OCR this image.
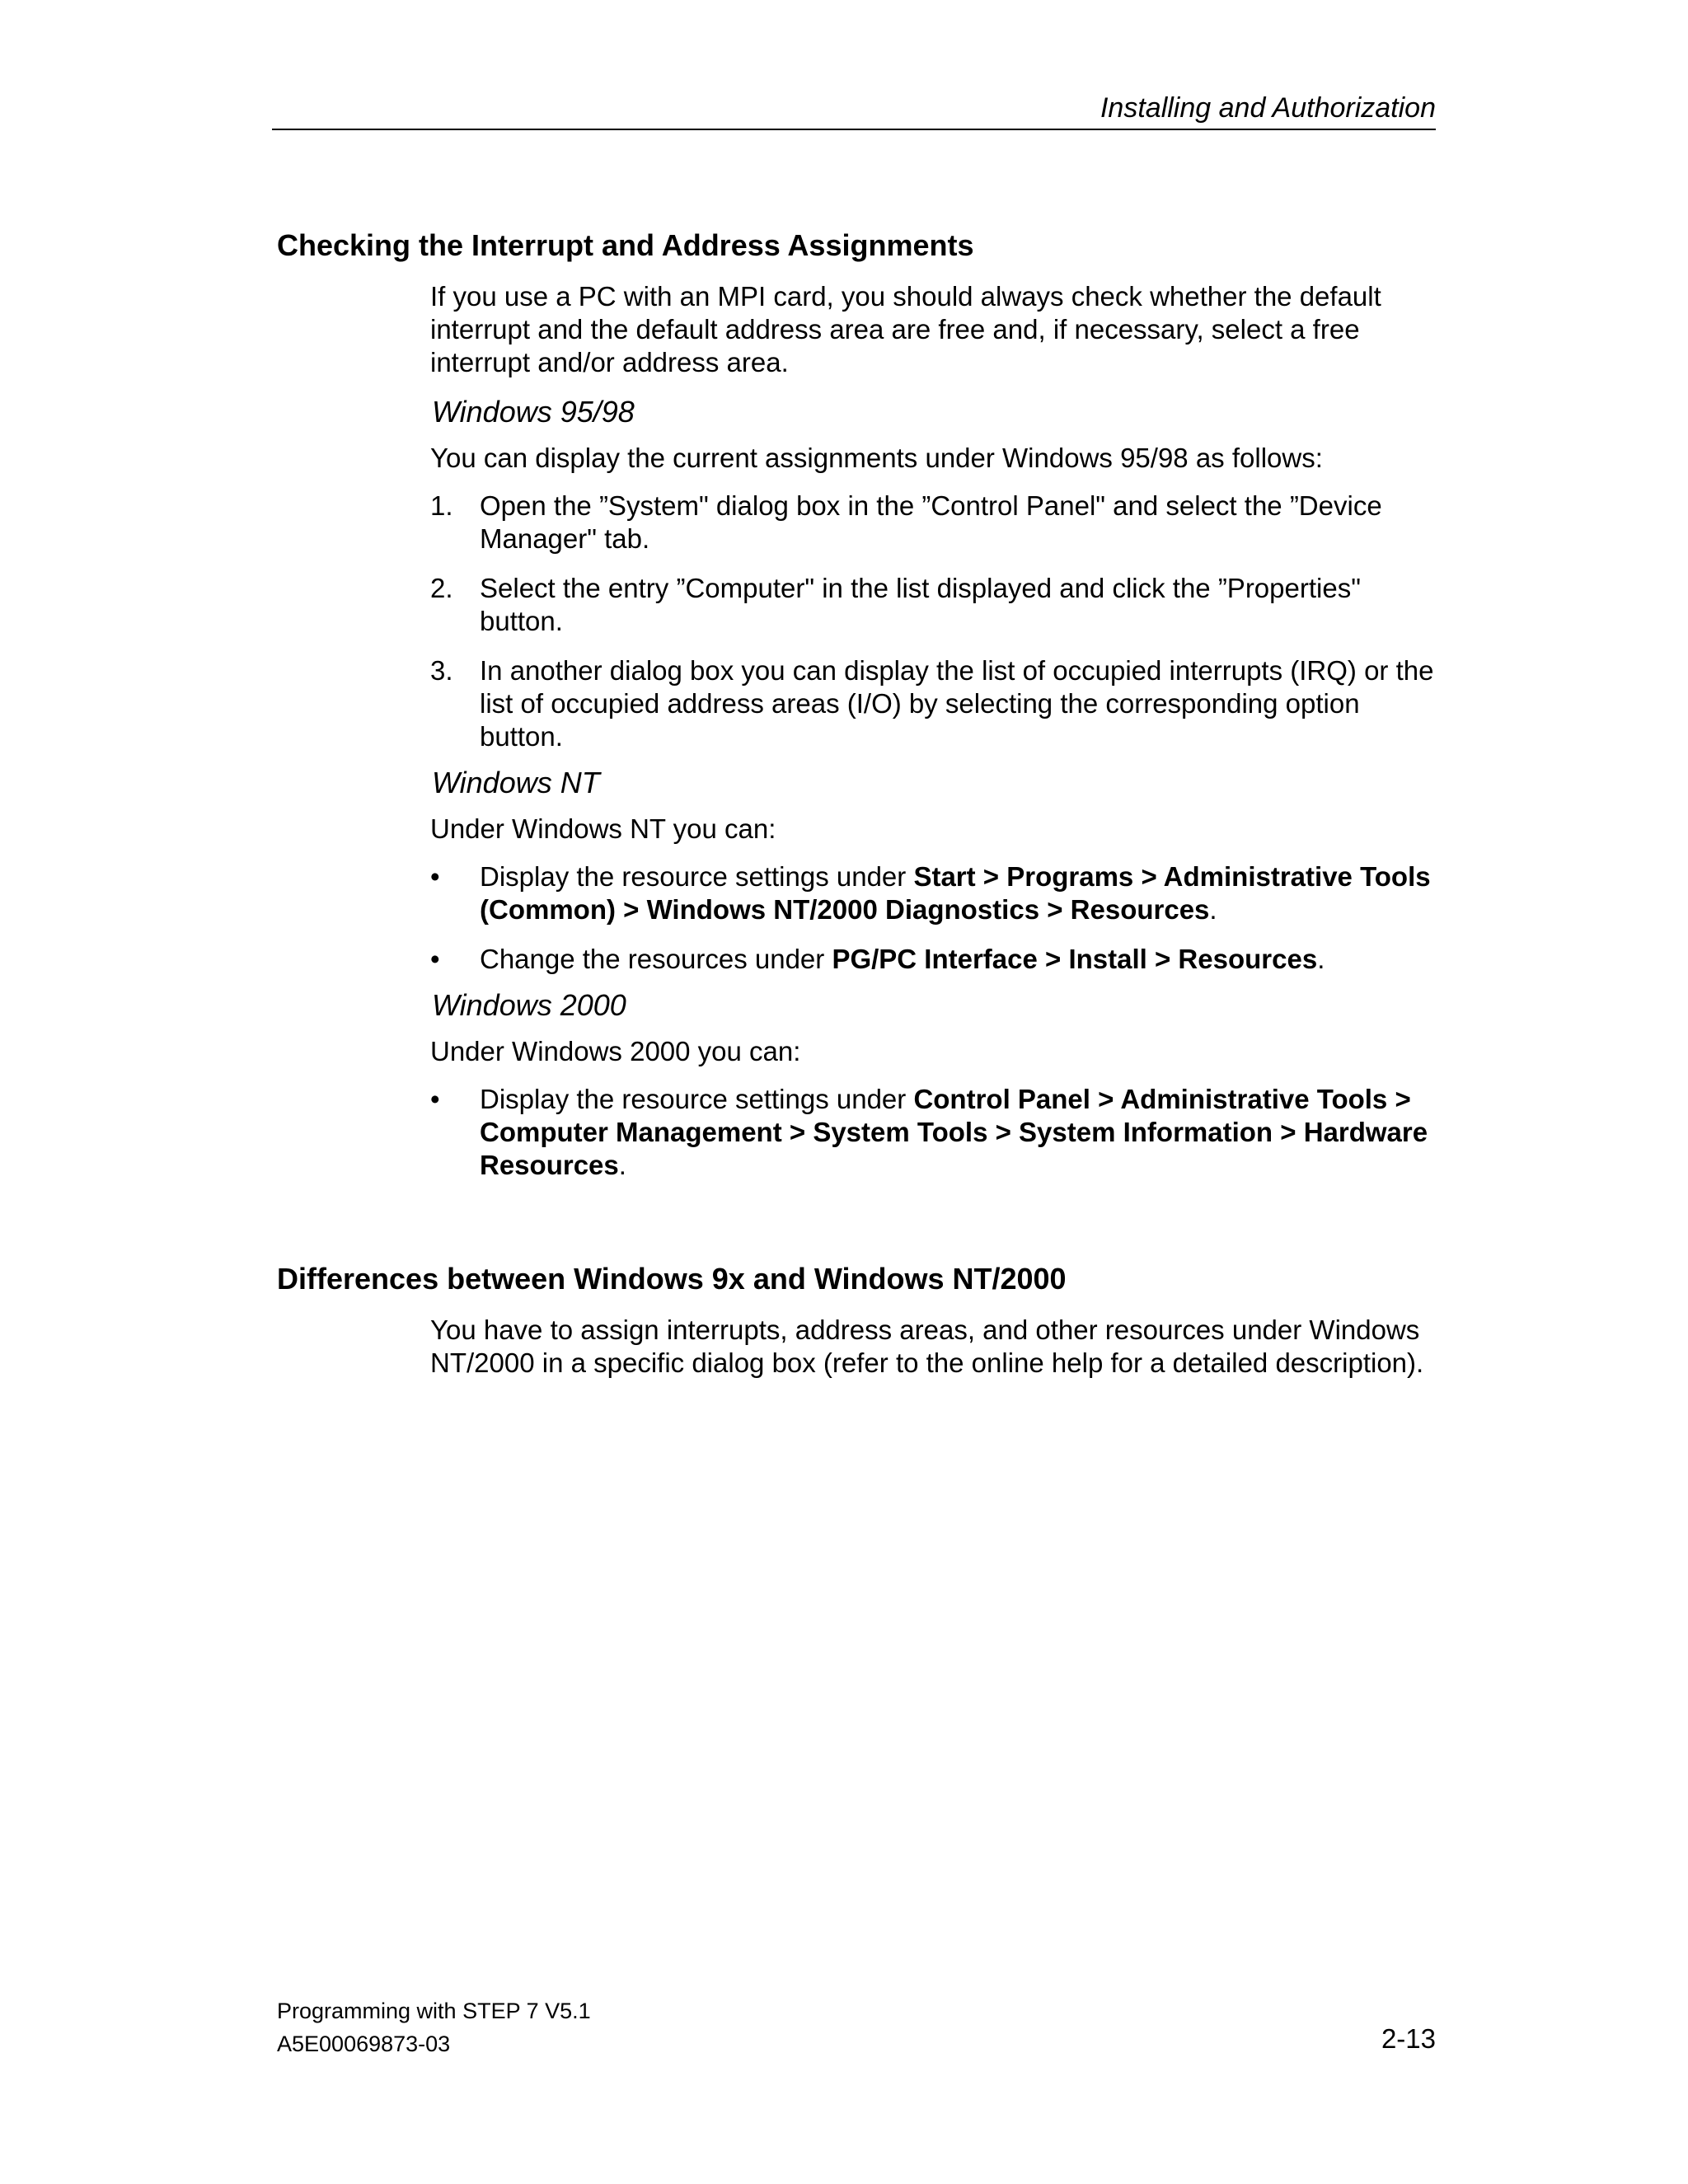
Installing and Authorization
Checking the Interrupt and Address Assignments

If you use a PC with an MPI card, you should always check whether the default interrupt and the default address area are free and, if necessary, select a free interrupt and/or address area.

Windows 95/98

You can display the current assignments under Windows 95/98 as follows:

1. Open the ”System" dialog box in the ”Control Panel" and select the ”Device Manager" tab.
2. Select the entry ”Computer" in the list displayed and click the ”Properties" button.
3. In another dialog box you can display the list of occupied interrupts (IRQ) or the list of occupied address areas (I/O) by selecting the corresponding option button.
Windows NT

Under Windows NT you can:

• Display the resource settings under Start > Programs > Administrative Tools (Common) > Windows NT/2000 Diagnostics > Resources.
• Change the resources under PG/PC Interface > Install > Resources.
Windows 2000

Under Windows 2000 you can:

• Display the resource settings under Control Panel > Administrative Tools > Computer Management > System Tools > System Information > Hardware Resources.
Differences between Windows 9x and Windows NT/2000

You have to assign interrupts, address areas, and other resources under Windows NT/2000 in a specific dialog box (refer to the online help for a detailed description).

Programming with STEP 7 V5.1
A5E00069873-03	2-13
